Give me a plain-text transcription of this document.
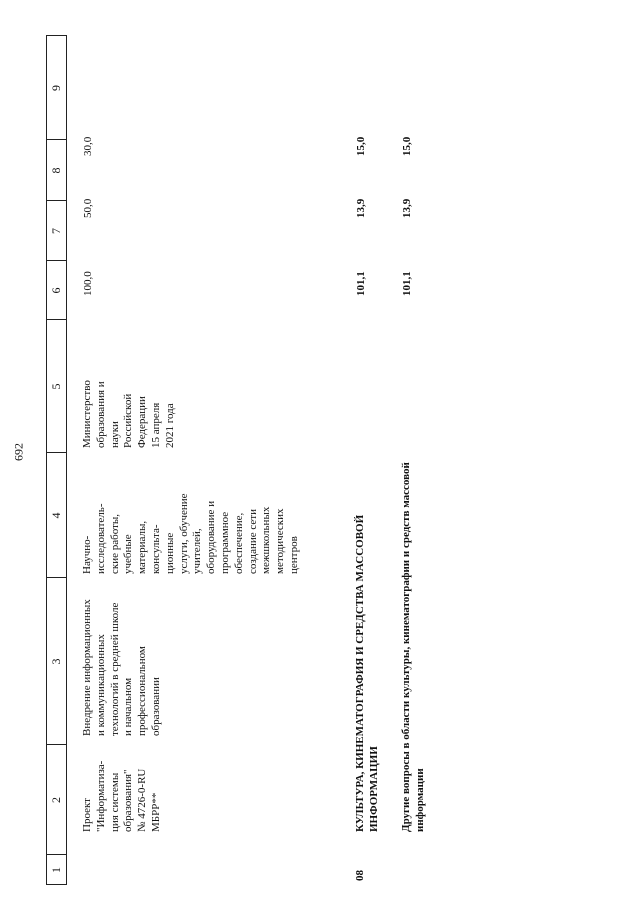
692
1
2
3
4
5
6
7
8
9
Проект "Информатиза- ция системы образования" № 4726-0-RU МБРР**
Внедрение информационных и коммуникационных технологий в средней школе и начальном профессиональном образовании
Научно- исследователь- ские работы, учебные материалы, консульта- ционные услуги, обучение учителей, оборудование и программное обеспечение, создание сети межшкольных методических центров
Министерство образования и науки Российской Федерации 15 апреля 2021 года
100,0
50,0
30,0
08
КУЛЬТУРА, КИНЕМАТОГРАФИЯ И СРЕДСТВА МАССОВОЙ ИНФОРМАЦИИ
101,1
13,9
15,0
Другие вопросы в области культуры, кинематографии и средств массовой информации
101,1
13,9
15,0
